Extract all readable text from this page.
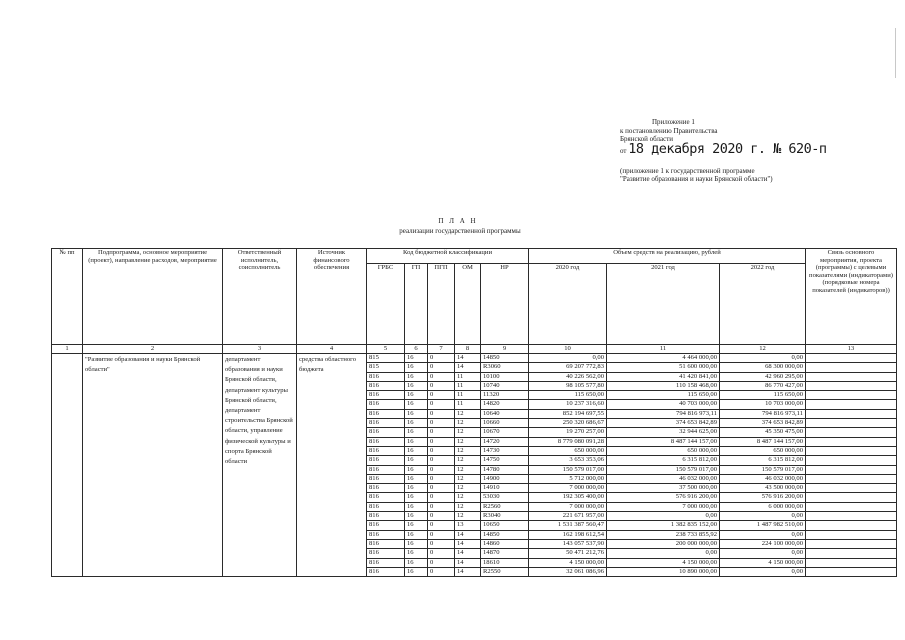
Приложение 1
к постановлению Правительства
Брянской области
от 18 декабря 2020 г. № 620-п
(приложение 1 к государственной программе
"Развитие образования и науки Брянской области")
П Л А Н
реализации государственной программы
№ пп	Подпрограмма, основное мероприятие (проект), направление расходов, мероприятие	Ответственный исполнитель, соисполнитель	Источник финансового обеспечения	Код бюджетной классификации					Объем средств на реализацию, рублей			Связь основного мероприятия, проекта (программы) с целевыми показателями (индикаторами) (порядковые номера показателей (индикаторов))
				ГРБС	ГП	ПГП	ОМ	НР	2020 год	2021 год	2022 год	
1	2	3	4	5	6	7	8	9	10	11	12	13
	"Развитие образования и науки Брянской области"	департамент образования и науки Брянской области, департамент культуры Брянской области, департамент строительства Брянской области, управление физической культуры и спорта Брянской области	средства областного бюджета	815	16	0	14	14850	0,00	4 464 000,00	0,00	
				815	16	0	14	R3060	69 207 772,83	51 600 000,00	68 300 000,00	
				816	16	0	11	10100	40 226 562,00	41 420 841,00	42 960 295,00	
				816	16	0	11	10740	98 105 577,80	110 158 468,00	86 770 427,00	
				816	16	0	11	11320	115 650,00	115 650,00	115 650,00	
				816	16	0	11	14820	10 237 316,60	40 703 000,00	10 703 000,00	
				816	16	0	12	10640	852 194 697,55	794 816 973,11	794 816 973,11	
				816	16	0	12	10660	250 320 686,67	374 653 842,89	374 653 842,89	
				816	16	0	12	10670	19 270 257,00	32 944 625,00	45 350 475,00	
				816	16	0	12	14720	8 779 080 091,28	8 487 144 157,00	8 487 144 157,00	
				816	16	0	12	14730	650 000,00	650 000,00	650 000,00	
				816	16	0	12	14750	3 653 353,06	6 315 812,00	6 315 812,00	
				816	16	0	12	14780	150 579 017,00	150 579 017,00	150 579 017,00	
				816	16	0	12	14900	5 712 000,00	46 032 000,00	46 032 000,00	
				816	16	0	12	14910	7 000 000,00	37 500 000,00	43 500 000,00	
				816	16	0	12	53030	192 305 400,00	576 916 200,00	576 916 200,00	
				816	16	0	12	R2560	7 000 000,00	7 000 000,00	6 000 000,00	
				816	16	0	12	R3040	221 671 957,00	0,00	0,00	
				816	16	0	13	10650	1 531 387 560,47	1 382 835 152,00	1 487 982 510,00	
				816	16	0	14	14850	162 198 612,54	238 733 855,92	0,00	
				816	16	0	14	14860	143 057 537,90	200 000 000,00	224 100 000,00	
				816	16	0	14	14870	50 471 212,76	0,00	0,00	
				816	16	0	14	18610	4 150 000,00	4 150 000,00	4 150 000,00	
				816	16	0	14	R2550	32 061 086,96	10 890 000,00	0,00	
